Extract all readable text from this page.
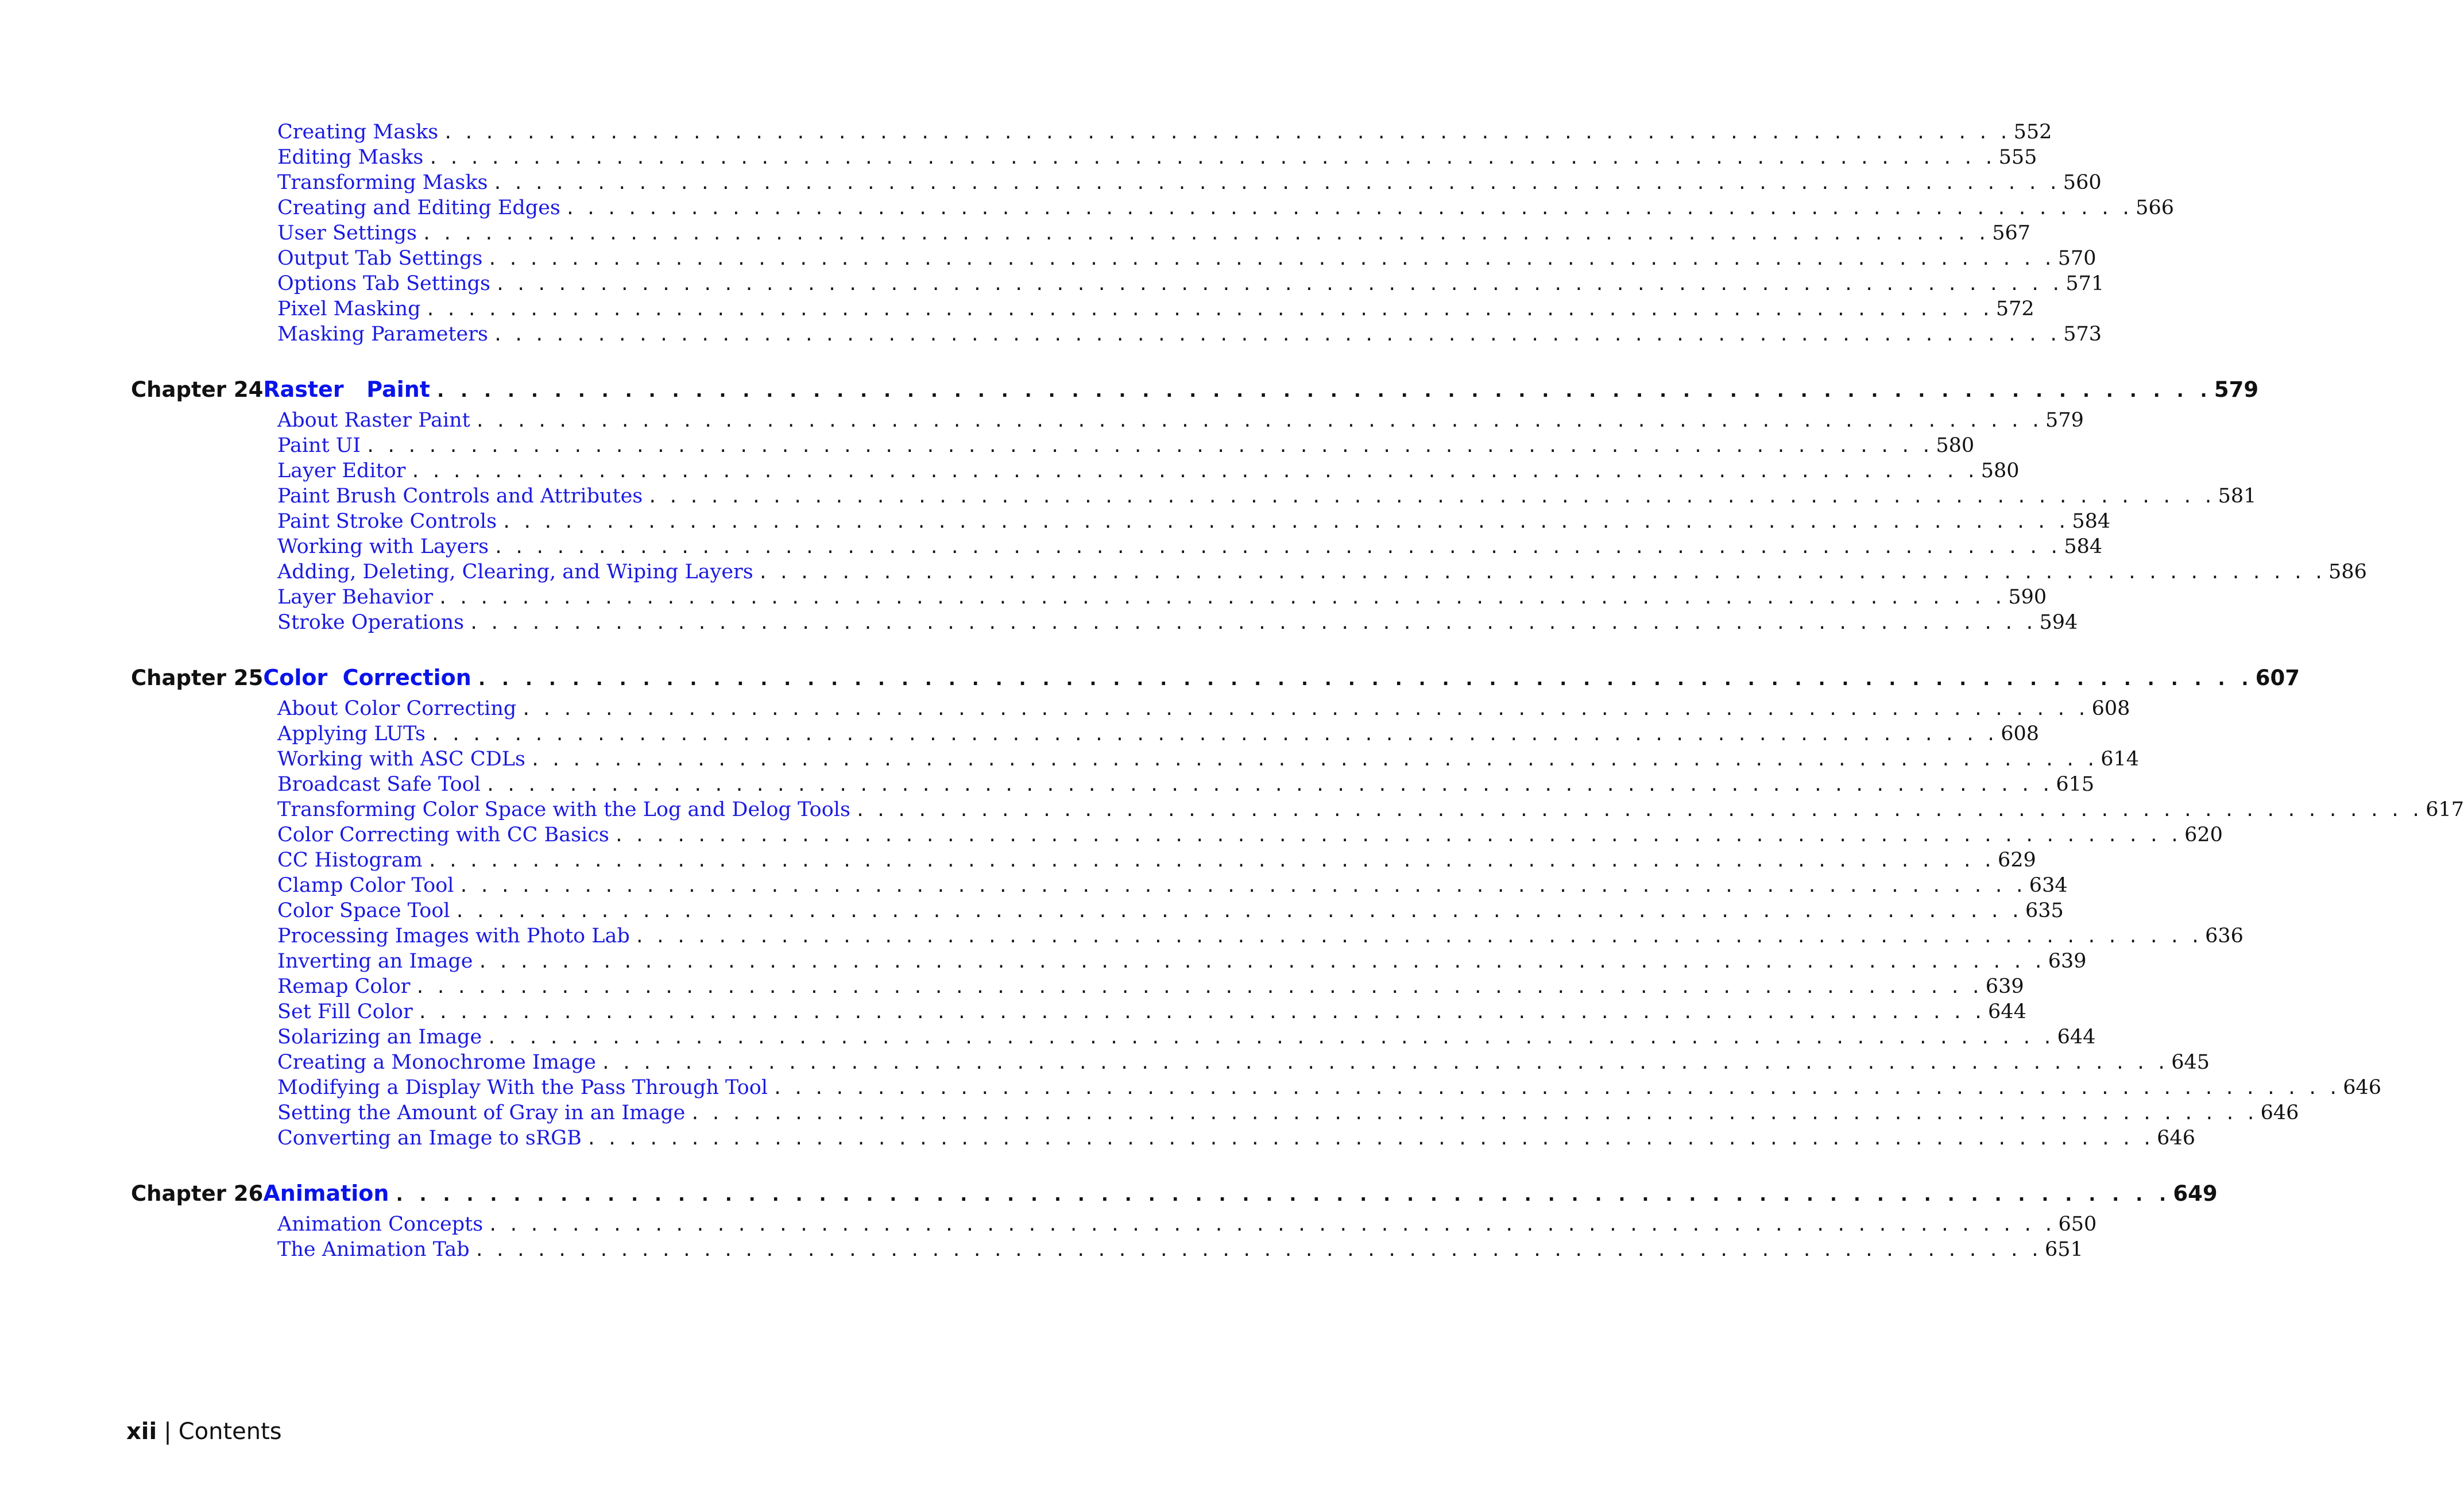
Creating Masks . . . . . . . . . . . . . . . . . . . . . . . . . . . . . . . . . . . . . . . . . . . . . . . . . . . . . . . . . . . . . . . . . . . . . . . . . . . . 552
Editing Masks . . . . . . . . . . . . . . . . . . . . . . . . . . . . . . . . . . . . . . . . . . . . . . . . . . . . . . . . . . . . . . . . . . . . . . . . . . . . 555
Transforming Masks . . . . . . . . . . . . . . . . . . . . . . . . . . . . . . . . . . . . . . . . . . . . . . . . . . . . . . . . . . . . . . . . . . . . . . . . . . . . 560
Creating and Editing Edges . . . . . . . . . . . . . . . . . . . . . . . . . . . . . . . . . . . . . . . . . . . . . . . . . . . . . . . . . . . . . . . . . . . . . . . . . . . . 566
User Settings . . . . . . . . . . . . . . . . . . . . . . . . . . . . . . . . . . . . . . . . . . . . . . . . . . . . . . . . . . . . . . . . . . . . . . . . . . . . 567
Output Tab Settings . . . . . . . . . . . . . . . . . . . . . . . . . . . . . . . . . . . . . . . . . . . . . . . . . . . . . . . . . . . . . . . . . . . . . . . . . . . . 570
Options Tab Settings . . . . . . . . . . . . . . . . . . . . . . . . . . . . . . . . . . . . . . . . . . . . . . . . . . . . . . . . . . . . . . . . . . . . . . . . . . . . 571
Pixel Masking . . . . . . . . . . . . . . . . . . . . . . . . . . . . . . . . . . . . . . . . . . . . . . . . . . . . . . . . . . . . . . . . . . . . . . . . . . . . 572
Masking Parameters . . . . . . . . . . . . . . . . . . . . . . . . . . . . . . . . . . . . . . . . . . . . . . . . . . . . . . . . . . . . . . . . . . . . . . . . . . . . 573
Chapter 24 Raster   Paint . . . . . . . . . . . . . . . . . . . . . . . . . . . . . . . . . . . . . . . . . . . . . . . . . . . . . . . . . . . . . . . . . . . . . . . . . . . . 579
About Raster Paint . . . . . . . . . . . . . . . . . . . . . . . . . . . . . . . . . . . . . . . . . . . . . . . . . . . . . . . . . . . . . . . . . . . . . . . . . . . . 579
Paint UI . . . . . . . . . . . . . . . . . . . . . . . . . . . . . . . . . . . . . . . . . . . . . . . . . . . . . . . . . . . . . . . . . . . . . . . . . . . . 580
Layer Editor . . . . . . . . . . . . . . . . . . . . . . . . . . . . . . . . . . . . . . . . . . . . . . . . . . . . . . . . . . . . . . . . . . . . . . . . . . . . 580
Paint Brush Controls and Attributes . . . . . . . . . . . . . . . . . . . . . . . . . . . . . . . . . . . . . . . . . . . . . . . . . . . . . . . . . . . . . . . . . . . . . . . . . . . . 581
Paint Stroke Controls . . . . . . . . . . . . . . . . . . . . . . . . . . . . . . . . . . . . . . . . . . . . . . . . . . . . . . . . . . . . . . . . . . . . . . . . . . . . 584
Working with Layers . . . . . . . . . . . . . . . . . . . . . . . . . . . . . . . . . . . . . . . . . . . . . . . . . . . . . . . . . . . . . . . . . . . . . . . . . . . . 584
Adding, Deleting, Clearing, and Wiping Layers . . . . . . . . . . . . . . . . . . . . . . . . . . . . . . . . . . . . . . . . . . . . . . . . . . . . . . . . . . . . . . . . . . . . . . . . . . . . 586
Layer Behavior . . . . . . . . . . . . . . . . . . . . . . . . . . . . . . . . . . . . . . . . . . . . . . . . . . . . . . . . . . . . . . . . . . . . . . . . . . . . 590
Stroke Operations . . . . . . . . . . . . . . . . . . . . . . . . . . . . . . . . . . . . . . . . . . . . . . . . . . . . . . . . . . . . . . . . . . . . . . . . . . . . 594
Chapter 25 Color  Correction . . . . . . . . . . . . . . . . . . . . . . . . . . . . . . . . . . . . . . . . . . . . . . . . . . . . . . . . . . . . . . . . . . . . . . . . . . . . 607
About Color Correcting . . . . . . . . . . . . . . . . . . . . . . . . . . . . . . . . . . . . . . . . . . . . . . . . . . . . . . . . . . . . . . . . . . . . . . . . . . . . 608
Applying LUTs . . . . . . . . . . . . . . . . . . . . . . . . . . . . . . . . . . . . . . . . . . . . . . . . . . . . . . . . . . . . . . . . . . . . . . . . . . . . 608
Working with ASC CDLs . . . . . . . . . . . . . . . . . . . . . . . . . . . . . . . . . . . . . . . . . . . . . . . . . . . . . . . . . . . . . . . . . . . . . . . . . . . . 614
Broadcast Safe Tool . . . . . . . . . . . . . . . . . . . . . . . . . . . . . . . . . . . . . . . . . . . . . . . . . . . . . . . . . . . . . . . . . . . . . . . . . . . . 615
Transforming Color Space with the Log and Delog Tools . . . . . . . . . . . . . . . . . . . . . . . . . . . . . . . . . . . . . . . . . . . . . . . . . . . . . . . . . . . . . . . . . . . . . . . . . . . . 617
Color Correcting with CC Basics . . . . . . . . . . . . . . . . . . . . . . . . . . . . . . . . . . . . . . . . . . . . . . . . . . . . . . . . . . . . . . . . . . . . . . . . . . . . 620
CC Histogram . . . . . . . . . . . . . . . . . . . . . . . . . . . . . . . . . . . . . . . . . . . . . . . . . . . . . . . . . . . . . . . . . . . . . . . . . . . . 629
Clamp Color Tool . . . . . . . . . . . . . . . . . . . . . . . . . . . . . . . . . . . . . . . . . . . . . . . . . . . . . . . . . . . . . . . . . . . . . . . . . . . . 634
Color Space Tool . . . . . . . . . . . . . . . . . . . . . . . . . . . . . . . . . . . . . . . . . . . . . . . . . . . . . . . . . . . . . . . . . . . . . . . . . . . . 635
Processing Images with Photo Lab . . . . . . . . . . . . . . . . . . . . . . . . . . . . . . . . . . . . . . . . . . . . . . . . . . . . . . . . . . . . . . . . . . . . . . . . . . . . 636
Inverting an Image . . . . . . . . . . . . . . . . . . . . . . . . . . . . . . . . . . . . . . . . . . . . . . . . . . . . . . . . . . . . . . . . . . . . . . . . . . . . 639
Remap Color . . . . . . . . . . . . . . . . . . . . . . . . . . . . . . . . . . . . . . . . . . . . . . . . . . . . . . . . . . . . . . . . . . . . . . . . . . . . 639
Set Fill Color . . . . . . . . . . . . . . . . . . . . . . . . . . . . . . . . . . . . . . . . . . . . . . . . . . . . . . . . . . . . . . . . . . . . . . . . . . . . 644
Solarizing an Image . . . . . . . . . . . . . . . . . . . . . . . . . . . . . . . . . . . . . . . . . . . . . . . . . . . . . . . . . . . . . . . . . . . . . . . . . . . . 644
Creating a Monochrome Image . . . . . . . . . . . . . . . . . . . . . . . . . . . . . . . . . . . . . . . . . . . . . . . . . . . . . . . . . . . . . . . . . . . . . . . . . . . . 645
Modifying a Display With the Pass Through Tool . . . . . . . . . . . . . . . . . . . . . . . . . . . . . . . . . . . . . . . . . . . . . . . . . . . . . . . . . . . . . . . . . . . . . . . . . . . . 646
Setting the Amount of Gray in an Image . . . . . . . . . . . . . . . . . . . . . . . . . . . . . . . . . . . . . . . . . . . . . . . . . . . . . . . . . . . . . . . . . . . . . . . . . . . . 646
Converting an Image to sRGB . . . . . . . . . . . . . . . . . . . . . . . . . . . . . . . . . . . . . . . . . . . . . . . . . . . . . . . . . . . . . . . . . . . . . . . . . . . . 646
Chapter 26 Animation . . . . . . . . . . . . . . . . . . . . . . . . . . . . . . . . . . . . . . . . . . . . . . . . . . . . . . . . . . . . . . . . . . . . . . . . . . . . 649
Animation Concepts . . . . . . . . . . . . . . . . . . . . . . . . . . . . . . . . . . . . . . . . . . . . . . . . . . . . . . . . . . . . . . . . . . . . . . . . . . . . 650
The Animation Tab . . . . . . . . . . . . . . . . . . . . . . . . . . . . . . . . . . . . . . . . . . . . . . . . . . . . . . . . . . . . . . . . . . . . . . . . . . . . 651
xii | Contents
